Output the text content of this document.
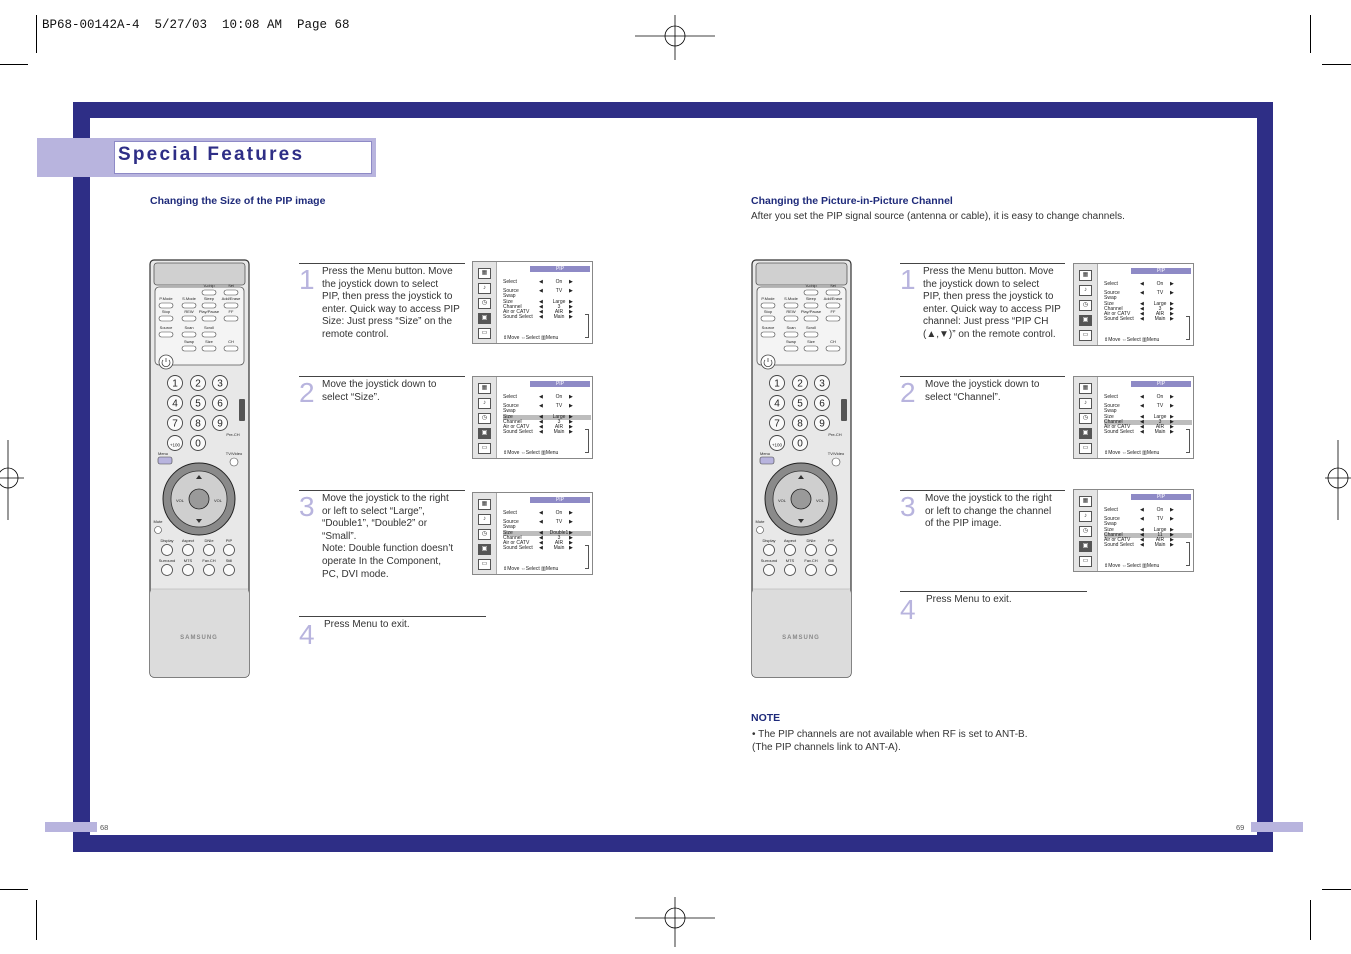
BP68-00142A-4  5/27/03  10:08 AM  Page 68
Special Features
Changing the Size of the PIP image
V-chip	Sel
P.Mode S.Mode Sleep Add/Erase
Stop	REW Play/Pause FF
Source	Scan	Scroll
Swap	Size	CH
1 2 3
4 5 6
7 8 9
+100 0
Pre-CH
Menu	TV/Video
VOL	VOL
Mute
Display Aspect	DNIe	PIP
Surround MTS	Fav.CH	Still
SAMSUNG
1 Press the Menu button. Move
the joystick down to select
PIP, then press the joystick to
enter. Quick way to access PIP
Size: Just press “Size” on the
remote control.
2 Move the joystick down to
select “Size”.
3 Move the joystick to the right
or left to select “Large”,
“Double1”, “Double2” or
“Small”.
Note: Double function doesn’t
operate In the Component,
PC, DVI mode.
4 Press Menu to exit.
▦
♪
◷
▣
▭
PIP
Select	◀	On	▶
Source	◀	TV	▶
Swap
Size	◀	Large ▶
Channel	◀	3	▶
Air or CATV ◀	AIR	▶
Sound Select ◀	Main ▶
⇕Move ⇔Select ▥Menu
▦
♪
◷
▣
▭
PIP
Select	◀	On	▶
Source	◀	TV	▶
Swap
Size	◀	Large ▶
Channel	◀	3	▶
Air or CATV ◀	AIR	▶
Sound Select ◀	Main ▶
⇕Move ⇔Select ▥Menu
▦
♪
◷
▣
▭
PIP
Select	◀	On	▶
Source	◀	TV	▶
Swap
Size	◀	Double1 ▶
Channel	◀	3	▶
Air or CATV ◀	AIR	▶
Sound Select ◀	Main ▶
⇕Move ⇔Select ▥Menu
68
Changing the Picture-in-Picture Channel
After you set the PIP signal source (antenna or cable), it is easy to change channels.
V-chip	Sel
P.Mode S.Mode Sleep Add/Erase
Stop	REW Play/Pause FF
Source	Scan	Scroll
Swap	Size	CH
1 2 3
4 5 6
7 8 9
+100 0
Pre-CH
Menu	TV/Video
VOL	VOL
Mute
Display Aspect	DNIe	PIP
Surround MTS	Fav.CH	Still
SAMSUNG
1 Press the Menu button. Move
the joystick down to select
PIP, then press the joystick to
enter. Quick way to access PIP
channel: Just press “PIP CH
(▲,▼)” on the remote control.
2 Move the joystick down to
select “Channel”.
3 Move the joystick to the right
or left to change the channel
of the PIP image.
4 Press Menu to exit.
▦
♪
◷
▣
▭
PIP
Select	◀	On	▶
Source	◀	TV	▶
Swap
Size	◀	Large ▶
Channel	◀	3	▶
Air or CATV ◀	AIR	▶
Sound Select ◀	Main ▶
⇕Move ⇔Select ▥Menu
▦
♪
◷
▣
▭
PIP
Select	◀	On	▶
Source	◀	TV	▶
Swap
Size	◀	Large ▶
Channel	◀	3	▶
Air or CATV ◀	AIR	▶
Sound Select ◀	Main ▶
⇕Move ⇔Select ▥Menu
▦
♪
◷
▣
▭
PIP
Select	◀	On	▶
Source	◀	TV	▶
Swap
Size	◀	Large ▶
Channel	◀	11	▶
Air or CATV ◀	AIR	▶
Sound Select ◀	Main ▶
⇕Move ⇔Select ▥Menu
NOTE
• The PIP channels are not available when RF is set to ANT-B.
(The PIP channels link to ANT-A).
69
